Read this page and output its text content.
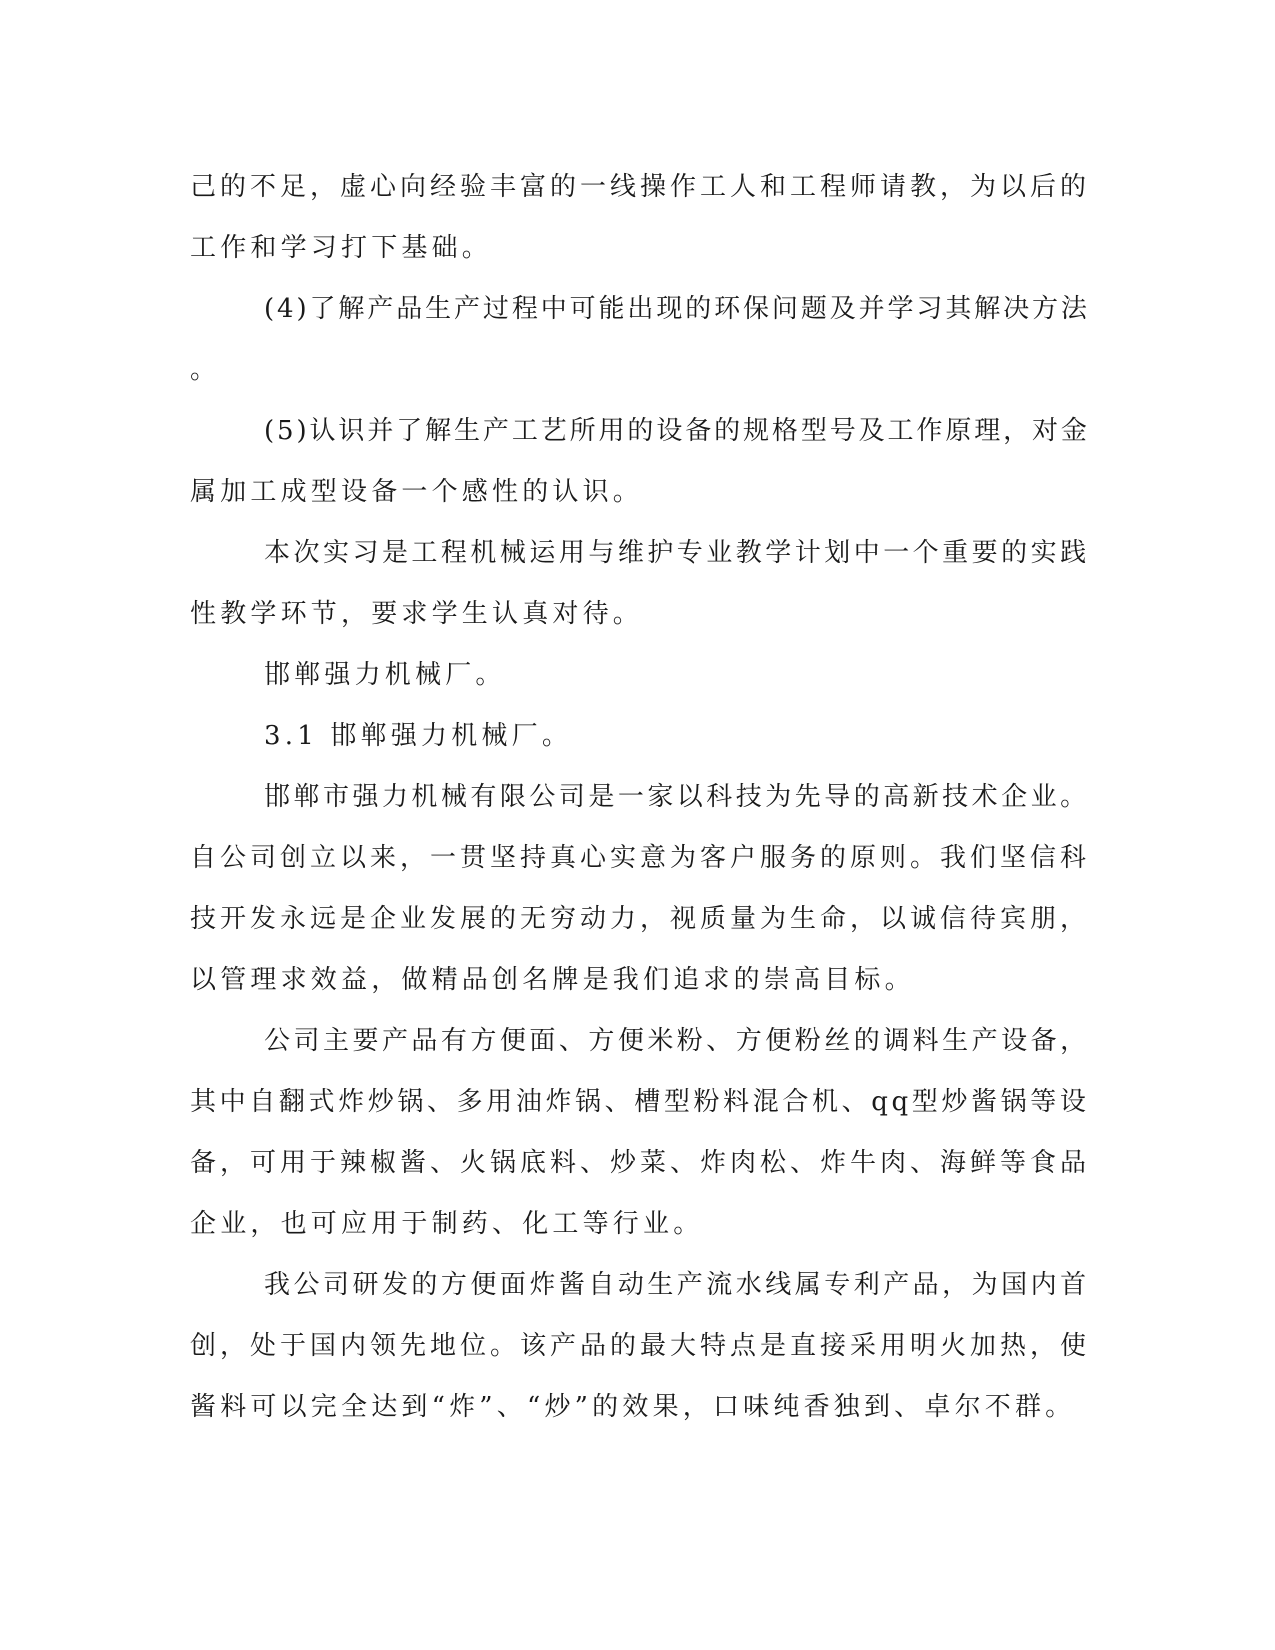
己的不足，虚心向经验丰富的一线操作工人和工程师请教，为以后的
工作和学习打下基础。
(4)了解产品生产过程中可能出现的环保问题及并学习其解决方法
。
(5)认识并了解生产工艺所用的设备的规格型号及工作原理，对金
属加工成型设备一个感性的认识。
本次实习是工程机械运用与维护专业教学计划中一个重要的实践
性教学环节，要求学生认真对待。
邯郸强力机械厂。
3.1 邯郸强力机械厂。
邯郸市强力机械有限公司是一家以科技为先导的高新技术企业。
自公司创立以来，一贯坚持真心实意为客户服务的原则。我们坚信科
技开发永远是企业发展的无穷动力，视质量为生命，以诚信待宾朋，
以管理求效益，做精品创名牌是我们追求的崇高目标。
公司主要产品有方便面、方便米粉、方便粉丝的调料生产设备，
其中自翻式炸炒锅、多用油炸锅、槽型粉料混合机、qq型炒酱锅等设
备，可用于辣椒酱、火锅底料、炒菜、炸肉松、炸牛肉、海鲜等食品
企业，也可应用于制药、化工等行业。
我公司研发的方便面炸酱自动生产流水线属专利产品，为国内首
创，处于国内领先地位。该产品的最大特点是直接采用明火加热，使
酱料可以完全达到“炸”、“炒”的效果，口味纯香独到、卓尔不群。
